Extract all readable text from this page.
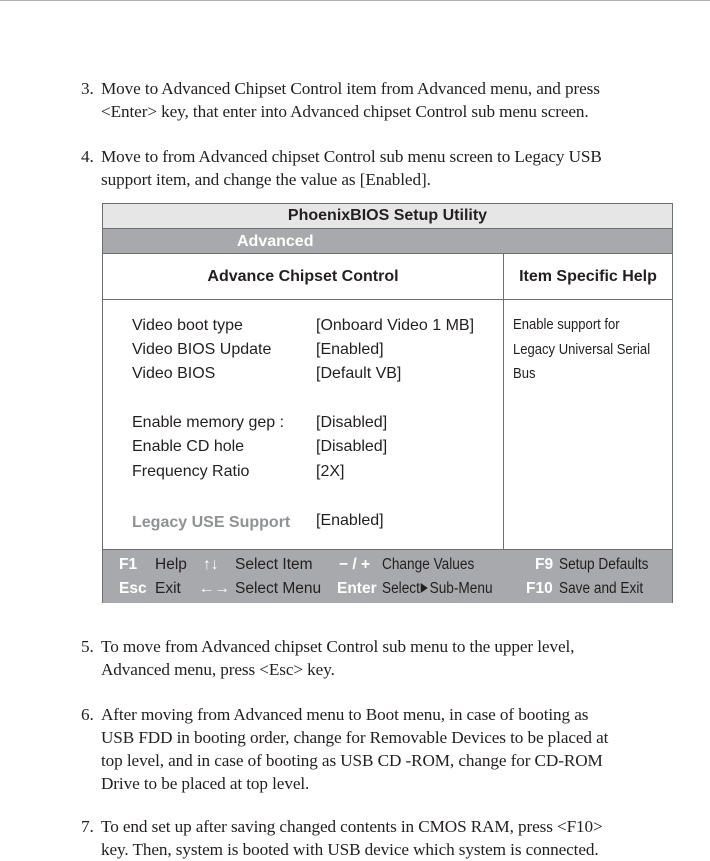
3. Move to Advanced Chipset Control item from Advanced menu, and press
<Enter> key, that enter into Advanced chipset Control sub menu screen.
4. Move to from Advanced chipset Control sub menu screen to Legacy USB
support item, and change the value as [Enabled].
PhoenixBIOS Setup Utility
Advanced
Advance Chipset Control	Item Specific Help
Video boot type	[Onboard Video 1 MB]
Video BIOS Update	[Enabled]
Video BIOS	[Default VB]
Enable memory gep : [Disabled]
Enable CD hole	[Disabled]
Frequency Ratio	[2X]
Legacy USE Support [Enabled]
Enable support for
Legacy Universal Serial
Bus
F1 Help ↑↓ Select Item − / + Change Values	F9 Setup Defaults
Esc Exit ←→ Select Menu Enter Select Sub-Menu	F10 Save and Exit
5. To move from Advanced chipset Control sub menu to the upper level,
Advanced menu, press <Esc> key.
6. After moving from Advanced menu to Boot menu, in case of booting as
USB FDD in booting order, change for Removable Devices to be placed at
top level, and in case of booting as USB CD -ROM, change for CD-ROM
Drive to be placed at top level.
7. To end set up after saving changed contents in CMOS RAM, press <F10>
key. Then, system is booted with USB device which system is connected.
